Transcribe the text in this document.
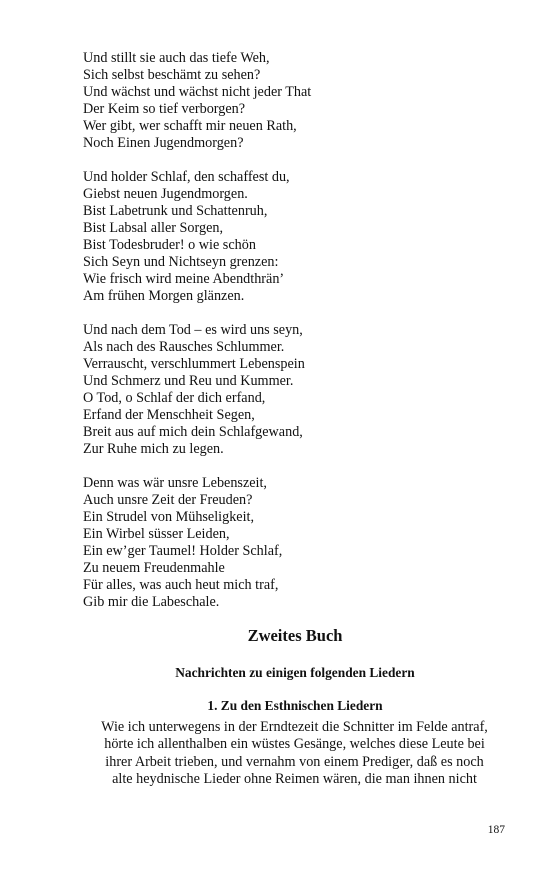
Und stillt sie auch das tiefe Weh,
Sich selbst beschämt zu sehen?
Und wächst und wächst nicht jeder That
Der Keim so tief verborgen?
Wer gibt, wer schafft mir neuen Rath,
Noch Einen Jugendmorgen?
Und holder Schlaf, den schaffest du,
Giebst neuen Jugendmorgen.
Bist Labetrunk und Schattenruh,
Bist Labsal aller Sorgen,
Bist Todesbruder! o wie schön
Sich Seyn und Nichtseyn grenzen:
Wie frisch wird meine Abendthrän’
Am frühen Morgen glänzen.
Und nach dem Tod – es wird uns seyn,
Als nach des Rausches Schlummer.
Verrauscht, verschlummert Lebenspein
Und Schmerz und Reu und Kummer.
O Tod, o Schlaf der dich erfand,
Erfand der Menschheit Segen,
Breit aus auf mich dein Schlafgewand,
Zur Ruhe mich zu legen.
Denn was wär unsre Lebenszeit,
Auch unsre Zeit der Freuden?
Ein Strudel von Mühseligkeit,
Ein Wirbel süsser Leiden,
Ein ew’ger Taumel! Holder Schlaf,
Zu neuem Freudenmahle
Für alles, was auch heut mich traf,
Gib mir die Labeschale.
Zweites Buch
Nachrichten zu einigen folgenden Liedern
1. Zu den Esthnischen Liedern
Wie ich unterwegens in der Erndtezeit die Schnitter im Felde antraf,
hörte ich allenthalben ein wüstes Gesänge, welches diese Leute bei
ihrer Arbeit trieben, und vernahm von einem Prediger, daß es noch
alte heydnische Lieder ohne Reimen wären, die man ihnen nicht
187
